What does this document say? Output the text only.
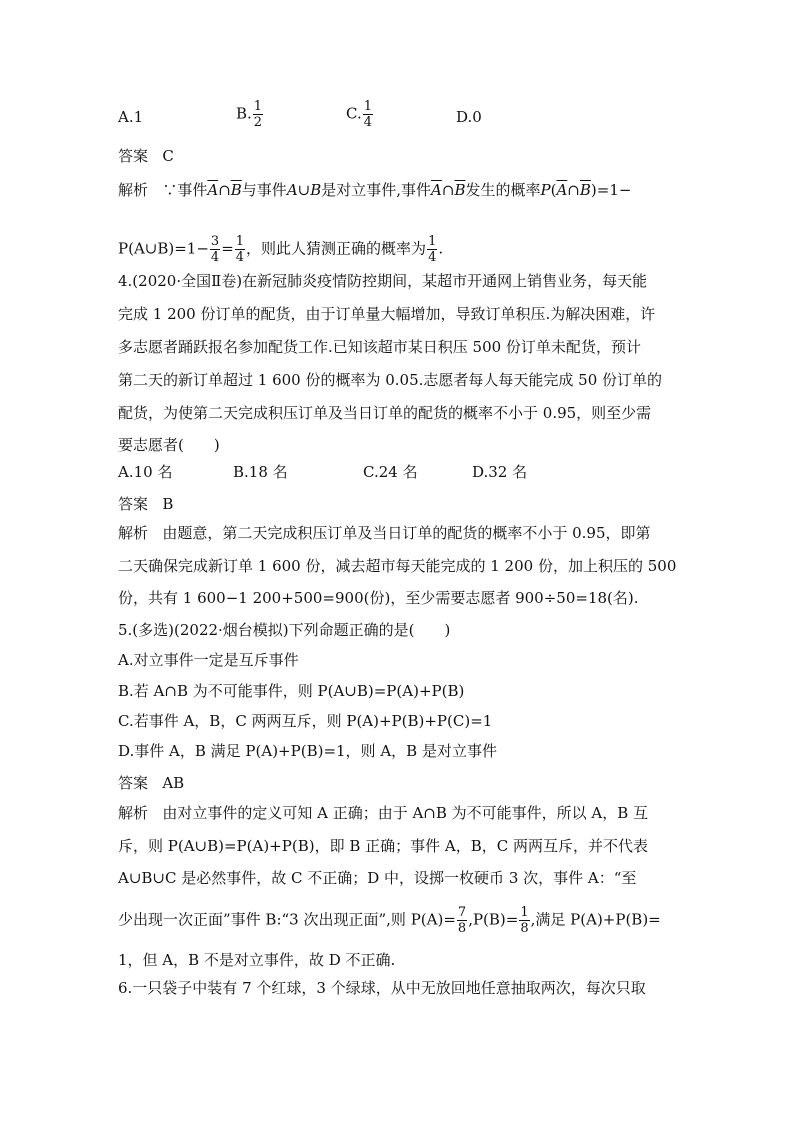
A.1	B. $\frac{1}{2}$	C. $\frac{1}{4}$	D.0
答案 C
解析 ∵事件$\overline{A}\cap\overline{B}$与事件A∪B是对立事件,事件$\overline{A}\cap\overline{B}$发生的概率$P(\overline{A}\cap\overline{B})=1-$
P(A∪B)=1− $\frac{3}{4} = \frac{1}{4}$ ，则此人猜测正确的概率为 $\frac{1}{4}$ .
4.(2020·全国Ⅱ卷)在新冠肺炎疫情防控期间，某超市开通网上销售业务，每天能
完成 1 200 份订单的配货，由于订单量大幅增加，导致订单积压.为解决困难，许
多志愿者踊跃报名参加配货工作.已知该超市某日积压 500 份订单未配货，预计
第二天的新订单超过 1 600 份的概率为 0.05.志愿者每人每天能完成 50 份订单的
配货，为使第二天完成积压订单及当日订单的配货的概率不小于 0.95，则至少需
要志愿者(　　)
A.10 名	B.18 名	C.24 名	D.32 名
答案 B
解析 由题意，第二天完成积压订单及当日订单的配货的概率不小于 0.95，即第
二天确保完成新订单 1 600 份，减去超市每天能完成的 1 200 份，加上积压的 500
份，共有 1 600−1 200+500=900(份)，至少需要志愿者 900÷50=18(名).
5.(多选)(2022·烟台模拟)下列命题正确的是(　　)
A.对立事件一定是互斥事件
B.若 A∩B 为不可能事件，则 P(A∪B)=P(A)+P(B)
C.若事件 A，B，C 两两互斥，则 P(A)+P(B)+P(C)=1
D.事件 A，B 满足 P(A)+P(B)=1，则 A，B 是对立事件
答案 AB
解析 由对立事件的定义可知 A 正确；由于 A∩B 为不可能事件，所以 A，B 互
斥，则 P(A∪B)=P(A)+P(B)，即 B 正确；事件 A，B，C 两两互斥，并不代表
A∪B∪C 是必然事件，故 C 不正确；D 中，设掷一枚硬币 3 次，事件 A：“至
少出现一次正面”事件 B:“3 次出现正面”,则 $P(A)= \frac{7}{8} ,P(B)= \frac{1}{8}$ ,满足 P(A)+P(B)=
1，但 A，B 不是对立事件，故 D 不正确.
6.一只袋子中装有 7 个红球，3 个绿球，从中无放回地任意抽取两次，每次只取
